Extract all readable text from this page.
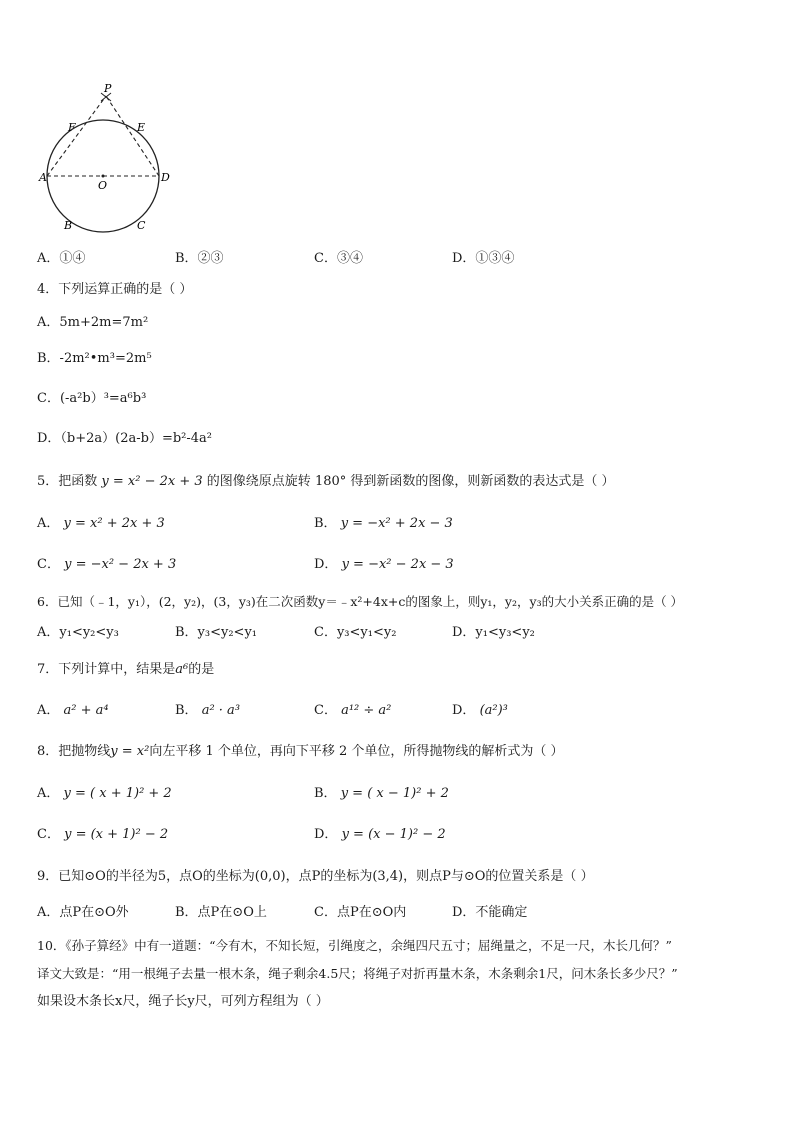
P
F	E
A
O
D
B	C
A．①④	B．②③	C．③④	D．①③④
4．下列运算正确的是（ ）
A．5m+2m=7m²
B．-2m²•m³=2m⁵
C．(-a²b）³=a⁶b³
D．（b+2a）(2a-b）=b²-4a²
5．把函数 y = x² − 2x + 3 的图像绕原点旋转 180° 得到新函数的图像，则新函数的表达式是（ ）
A． y = x² + 2x + 3	B． y = −x² + 2x − 3
C． y = −x² − 2x + 3	D． y = −x² − 2x − 3
6．已知（﹣1，y₁），(2，y₂)，(3，y₃)在二次函数y＝﹣x²+4x+c的图象上，则y₁，y₂，y₃的大小关系正确的是（ ）
A．y₁<y₂<y₃	B．y₃<y₂<y₁	C．y₃<y₁<y₂	D．y₁<y₃<y₂
7．下列计算中，结果是a⁶的是
A． a² + a⁴	B． a² · a³	C． a¹² ÷ a²	D． (a²)³
8．把抛物线y = x²向左平移 1 个单位，再向下平移 2 个单位，所得抛物线的解析式为（ ）
A． y = ( x + 1)² + 2	B． y = ( x − 1)² + 2
C． y = (x + 1)² − 2	D． y = (x − 1)² − 2
9．已知⊙O的半径为5，点O的坐标为(0,0)，点P的坐标为(3,4)，则点P与⊙O的位置关系是（ ）
A．点P在⊙O外	B．点P在⊙O上	C．点P在⊙O内	D．不能确定
10．《孙子算经》中有一道题：“今有木，不知长短，引绳度之，余绳四尺五寸；屈绳量之，不足一尺，木长几何？”
译文大致是：“用一根绳子去量一根木条，绳子剩余4.5尺；将绳子对折再量木条，木条剩余1尺，问木条长多少尺？”
如果设木条长x尺，绳子长y尺，可列方程组为（ ）
